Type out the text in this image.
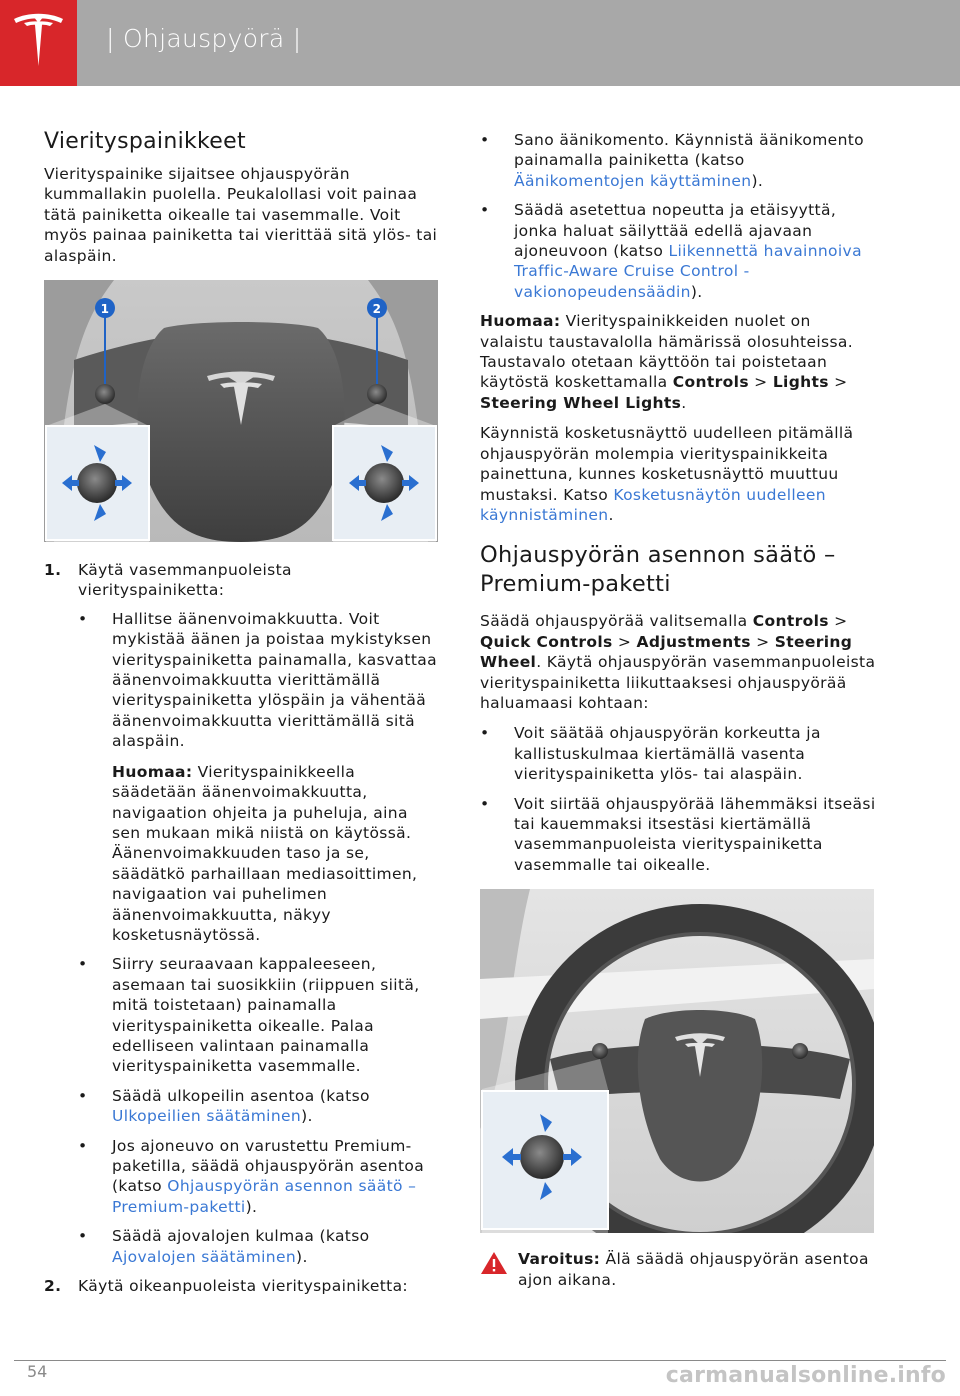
| Ohjauspyörä |
Vierityspainikkeet

Vierityspainike sijaitsee ohjauspyörän kummallakin puolella. Peukalollasi voit painaa tätä painiketta oikealle tai vasemmalle. Voit myös painaa painiketta tai vierittää sitä ylös- tai alaspäin.

1	2
1. Käytä vasemmanpuoleista vierityspainiketta:
• Hallitse äänenvoimakkuutta. Voit mykistää äänen ja poistaa mykistyksen vierityspainiketta painamalla, kasvattaa äänenvoimakkuutta vierittämällä vierityspainiketta ylöspäin ja vähentää äänenvoimakkuutta vierittämällä sitä alaspäin.

Huomaa: Vierityspainikkeella säädetään äänenvoimakkuutta, navigaation ohjeita ja puheluja, aina sen mukaan mikä niistä on käytössä. Äänenvoimakkuuden taso ja se, säädätkö parhaillaan mediasoittimen, navigaation vai puhelimen äänenvoimakkuutta, näkyy kosketusnäytössä.

• Siirry seuraavaan kappaleeseen, asemaan tai suosikkiin (riippuen siitä, mitä toistetaan) painamalla vierityspainiketta oikealle. Palaa edelliseen valintaan painamalla vierityspainiketta vasemmalle.
• Säädä ulkopeilin asentoa (katso Ulkopeilien säätäminen).
• Jos ajoneuvo on varustettu Premium-paketilla, säädä ohjauspyörän asentoa (katso Ohjauspyörän asennon säätö – Premium-paketti).
• Säädä ajovalojen kulmaa (katso Ajovalojen säätäminen).
2. Käytä oikeanpuoleista vierityspainiketta:
• Sano äänikomento. Käynnistä äänikomento painamalla painiketta (katso Äänikomentojen käyttäminen).
• Säädä asetettua nopeutta ja etäisyyttä, jonka haluat säilyttää edellä ajavaan ajoneuvoon (katso Liikennettä havainnoiva Traffic-Aware Cruise Control -vakionopeudensäädin).

Huomaa: Vierityspainikkeiden nuolet on valaistu taustavalolla hämärissä olosuhteissa. Taustavalo otetaan käyttöön tai poistetaan käytöstä koskettamalla Controls > Lights > Steering Wheel Lights.

Käynnistä kosketusnäyttö uudelleen pitämällä ohjauspyörän molempia vierityspainikkeita painettuna, kunnes kosketusnäyttö muuttuu mustaksi. Katso Kosketusnäytön uudelleen käynnistäminen.

Ohjauspyörän asennon säätö – Premium-paketti

Säädä ohjauspyörää valitsemalla Controls > Quick Controls > Adjustments > Steering Wheel. Käytä ohjauspyörän vasemmanpuoleista vierityspainiketta liikuttaaksesi ohjauspyörää haluamaasi kohtaan:

• Voit säätää ohjauspyörän korkeutta ja kallistuskulmaa kiertämällä vasenta vierityspainiketta ylös- tai alaspäin.
• Voit siirtää ohjauspyörää lähemmäksi itseäsi tai kauemmaksi itsestäsi kiertämällä vasemmanpuoleista vierityspainiketta vasemmalle tai oikealle.
Varoitus: Älä säädä ohjauspyörän asentoa ajon aikana.
54	carmanualsonline.info
